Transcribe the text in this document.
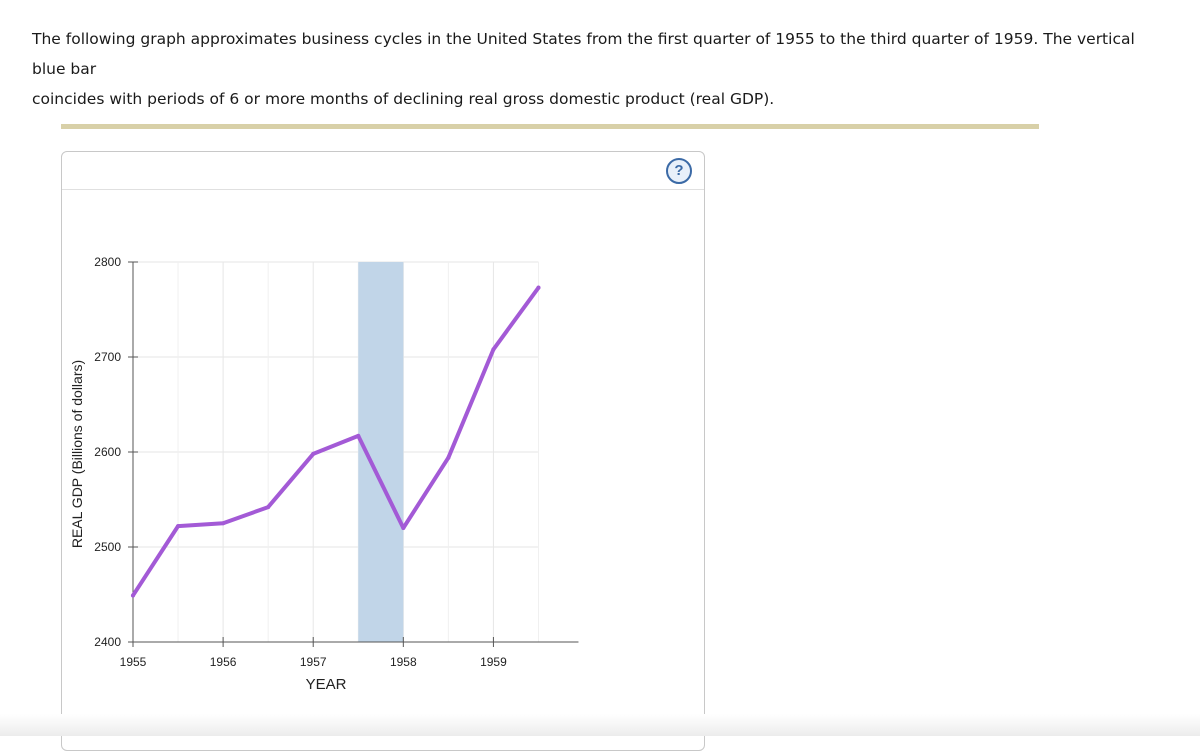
The following graph approximates business cycles in the United States from the first quarter of 1955 to the third quarter of 1959. The vertical blue bar
coincides with periods of 6 or more months of declining real gross domestic product (real GDP).
?
2400
2500
2600
2700
2800
1955	1956	1957	1958	1959
YEAR
REAL GDP (Billions of dollars)
